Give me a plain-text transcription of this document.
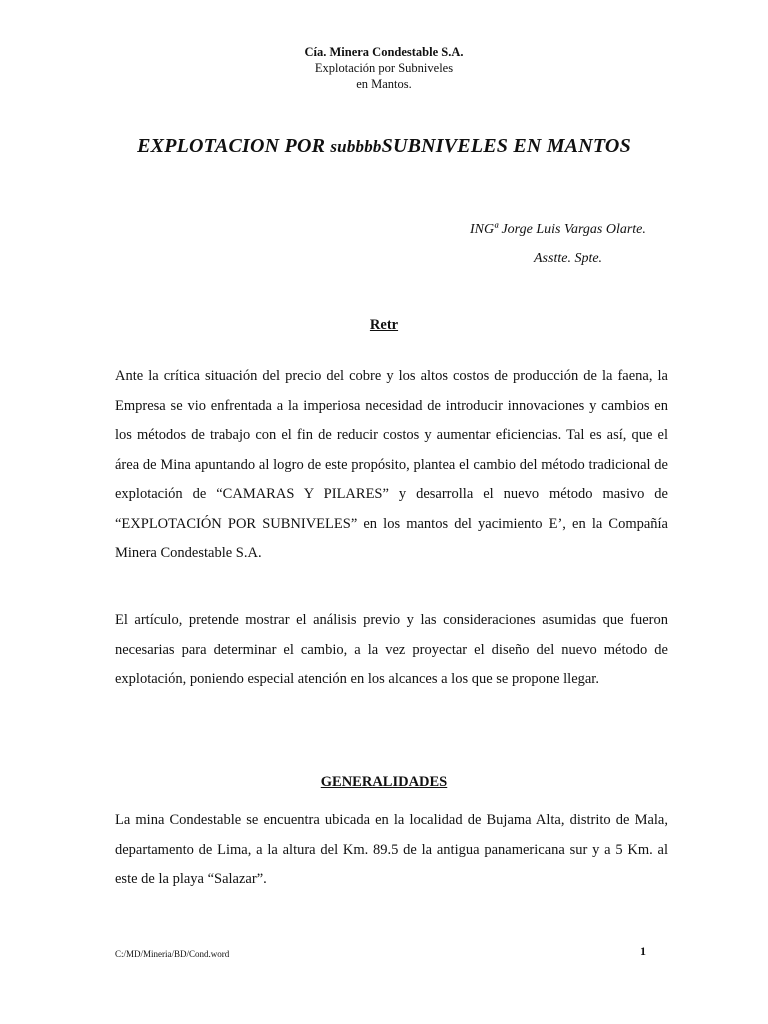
Cía. Minera Condestable S.A.
Explotación por Subniveles
en Mantos.
EXPLOTACION POR subbbbSUBNIVELES EN MANTOS
INGª Jorge Luis Vargas Olarte.
Asstte. Spte.
Retr

Ante la crítica situación del precio del cobre y los altos costos de producción de la faena, la Empresa se vio enfrentada a la imperiosa necesidad de introducir innovaciones y cambios en los métodos de trabajo con el fin de reducir costos y aumentar eficiencias. Tal es así, que el área de Mina apuntando al logro de este propósito, plantea el cambio del método tradicional de explotación de “CAMARAS Y PILARES” y desarrolla el nuevo método masivo de “EXPLOTACIÓN POR SUBNIVELES” en los mantos del yacimiento E’, en la Compañía Minera Condestable S.A.

El artículo, pretende mostrar el análisis previo y las consideraciones asumidas que fueron necesarias para determinar el cambio, a la vez proyectar el diseño del nuevo método de explotación, poniendo especial atención en los alcances a los que se propone llegar.

GENERALIDADES

La mina Condestable se encuentra ubicada en la localidad de Bujama Alta, distrito de Mala, departamento de Lima, a la altura del Km. 89.5 de la antigua panamericana sur y a 5 Km. al este de la playa “Salazar”.

C:/MD/Mineria/BD/Cond.word	1
